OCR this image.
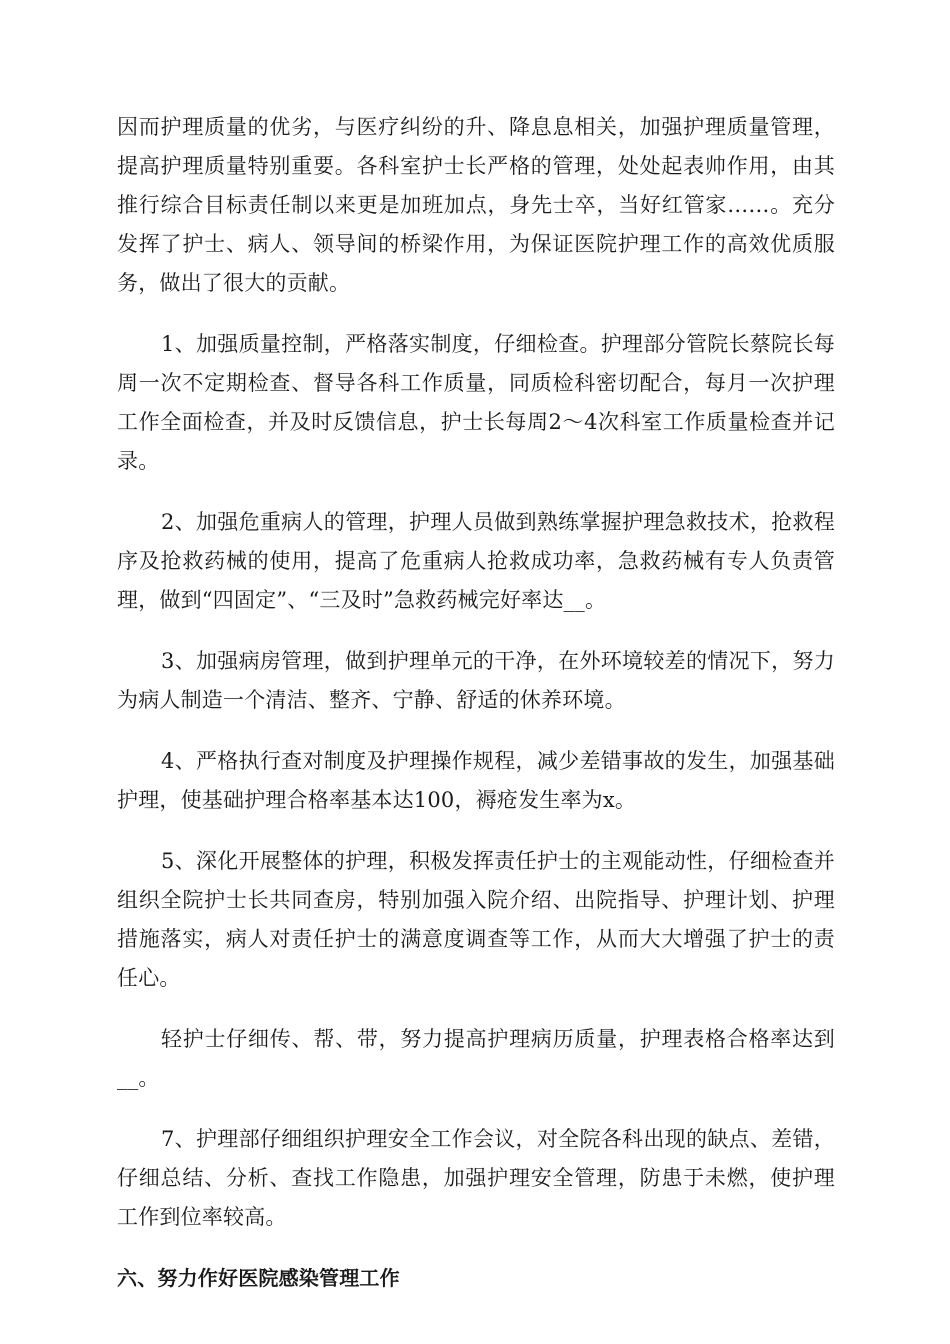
因而护理质量的优劣，与医疗纠纷的升、降息息相关，加强护理质量管理，提高护理质量特别重要。各科室护士长严格的管理，处处起表帅作用，由其推行综合目标责任制以来更是加班加点，身先士卒，当好红管家……。充分发挥了护士、病人、领导间的桥梁作用，为保证医院护理工作的高效优质服务，做出了很大的贡献。

1、加强质量控制，严格落实制度，仔细检查。护理部分管院长蔡院长每周一次不定期检查、督导各科工作质量，同质检科密切配合，每月一次护理工作全面检查，并及时反馈信息，护士长每周2～4次科室工作质量检查并记录。

2、加强危重病人的管理，护理人员做到熟练掌握护理急救技术，抢救程序及抢救药械的使用，提高了危重病人抢救成功率，急救药械有专人负责管理，做到“四固定”、“三及时”急救药械完好率达__。

3、加强病房管理，做到护理单元的干净，在外环境较差的情况下，努力为病人制造一个清洁、整齐、宁静、舒适的休养环境。

4、严格执行查对制度及护理操作规程，减少差错事故的发生，加强基础护理，使基础护理合格率基本达100，褥疮发生率为x。

5、深化开展整体的护理，积极发挥责任护士的主观能动性，仔细检查并组织全院护士长共同查房，特别加强入院介绍、出院指导、护理计划、护理措施落实，病人对责任护士的满意度调查等工作，从而大大增强了护士的责任心。

轻护士仔细传、帮、带，努力提高护理病历质量，护理表格合格率达到__。

7、护理部仔细组织护理安全工作会议，对全院各科出现的缺点、差错，仔细总结、分析、查找工作隐患，加强护理安全管理，防患于未燃，使护理工作到位率较高。

六、努力作好医院感染管理工作
